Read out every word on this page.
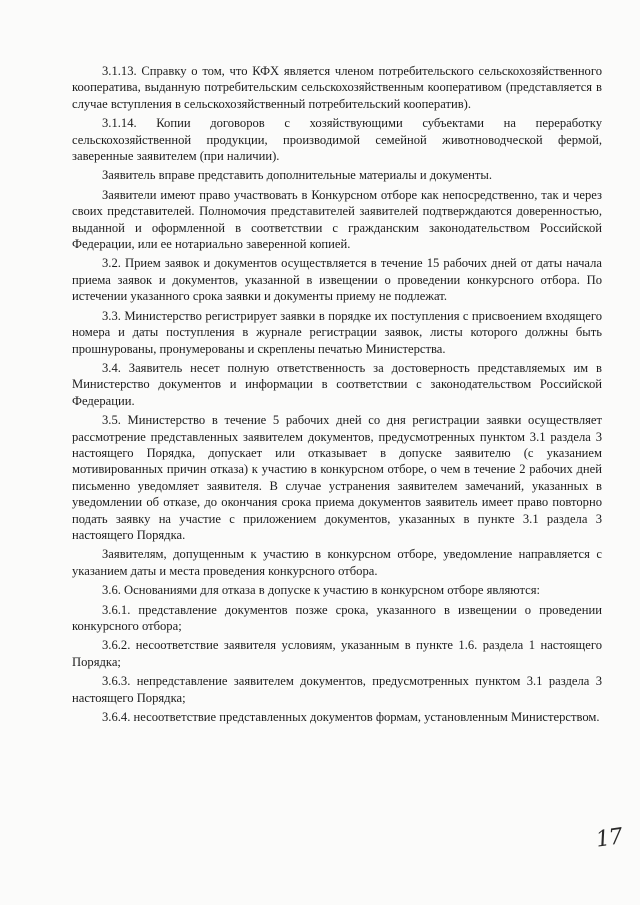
3.1.13. Справку о том, что КФХ является членом потребительского сельскохозяйственного кооператива, выданную потребительским сельскохозяйственным кооперативом (представляется в случае вступления в сельскохозяйственный потребительский кооператив).

3.1.14. Копии договоров с хозяйствующими субъектами на переработку сельскохозяйственной продукции, производимой семейной животноводческой фермой, заверенные заявителем (при наличии).

Заявитель вправе представить дополнительные материалы и документы.

Заявители имеют право участвовать в Конкурсном отборе как непосредственно, так и через своих представителей. Полномочия представителей заявителей подтверждаются доверенностью, выданной и оформленной в соответствии с гражданским законодательством Российской Федерации, или ее нотариально заверенной копией.

3.2. Прием заявок и документов осуществляется в течение 15 рабочих дней от даты начала приема заявок и документов, указанной в извещении о проведении конкурсного отбора. По истечении указанного срока заявки и документы приему не подлежат.

3.3. Министерство регистрирует заявки в порядке их поступления с присвоением входящего номера и даты поступления в журнале регистрации заявок, листы которого должны быть прошнурованы, пронумерованы и скреплены печатью Министерства.

3.4. Заявитель несет полную ответственность за достоверность представляемых им в Министерство документов и информации в соответствии с законодательством Российской Федерации.

3.5. Министерство в течение 5 рабочих дней со дня регистрации заявки осуществляет рассмотрение представленных заявителем документов, предусмотренных пунктом 3.1 раздела 3 настоящего Порядка, допускает или отказывает в допуске заявителю (с указанием мотивированных причин отказа) к участию в конкурсном отборе, о чем в течение 2 рабочих дней письменно уведомляет заявителя. В случае устранения заявителем замечаний, указанных в уведомлении об отказе, до окончания срока приема документов заявитель имеет право повторно подать заявку на участие с приложением документов, указанных в пункте 3.1 раздела 3 настоящего Порядка.

Заявителям, допущенным к участию в конкурсном отборе, уведомление направляется с указанием даты и места проведения конкурсного отбора.

3.6. Основаниями для отказа в допуске к участию в конкурсном отборе являются:

3.6.1. представление документов позже срока, указанного в извещении о проведении конкурсного отбора;

3.6.2. несоответствие заявителя условиям, указанным в пункте 1.6. раздела 1 настоящего Порядка;

3.6.3. непредставление заявителем документов, предусмотренных пунктом 3.1 раздела 3 настоящего Порядка;

3.6.4. несоответствие представленных документов формам, установленным Министерством.

17
